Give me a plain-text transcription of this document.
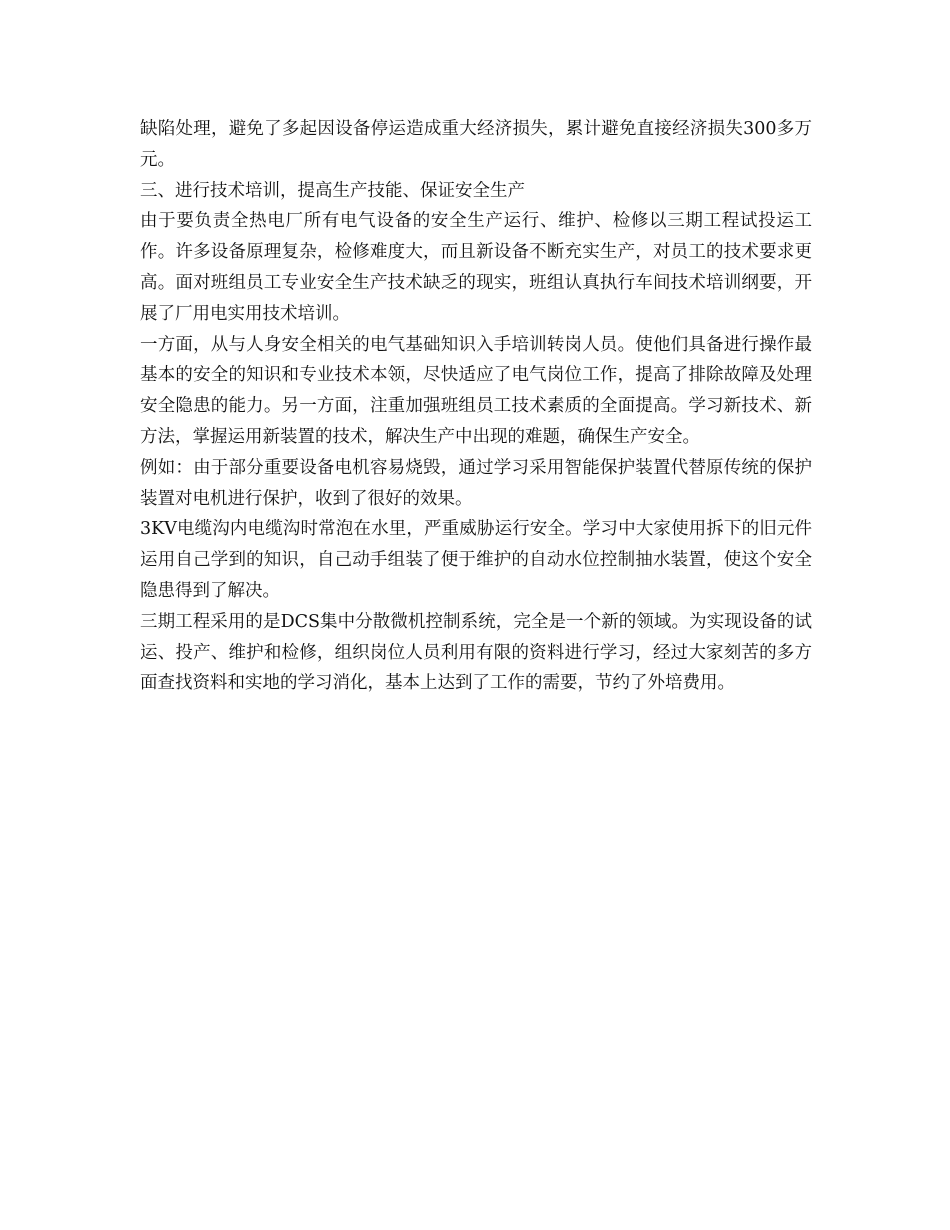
缺陷处理，避免了多起因设备停运造成重大经济损失，累计避免直接经济损失300多万元。

三、进行技术培训，提高生产技能、保证安全生产

由于要负责全热电厂所有电气设备的安全生产运行、维护、检修以三期工程试投运工作。许多设备原理复杂，检修难度大，而且新设备不断充实生产，对员工的技术要求更高。面对班组员工专业安全生产技术缺乏的现实，班组认真执行车间技术培训纲要，开展了厂用电实用技术培训。

一方面，从与人身安全相关的电气基础知识入手培训转岗人员。使他们具备进行操作最基本的安全的知识和专业技术本领，尽快适应了电气岗位工作，提高了排除故障及处理安全隐患的能力。另一方面，注重加强班组员工技术素质的全面提高。学习新技术、新方法，掌握运用新装置的技术，解决生产中出现的难题，确保生产安全。

例如：由于部分重要设备电机容易烧毁，通过学习采用智能保护装置代替原传统的保护装置对电机进行保护，收到了很好的效果。

3KV电缆沟内电缆沟时常泡在水里，严重威胁运行安全。学习中大家使用拆下的旧元件运用自己学到的知识，自己动手组装了便于维护的自动水位控制抽水装置，使这个安全隐患得到了解决。

三期工程采用的是DCS集中分散微机控制系统，完全是一个新的领域。为实现设备的试运、投产、维护和检修，组织岗位人员利用有限的资料进行学习，经过大家刻苦的多方面查找资料和实地的学习消化，基本上达到了工作的需要，节约了外培费用。
